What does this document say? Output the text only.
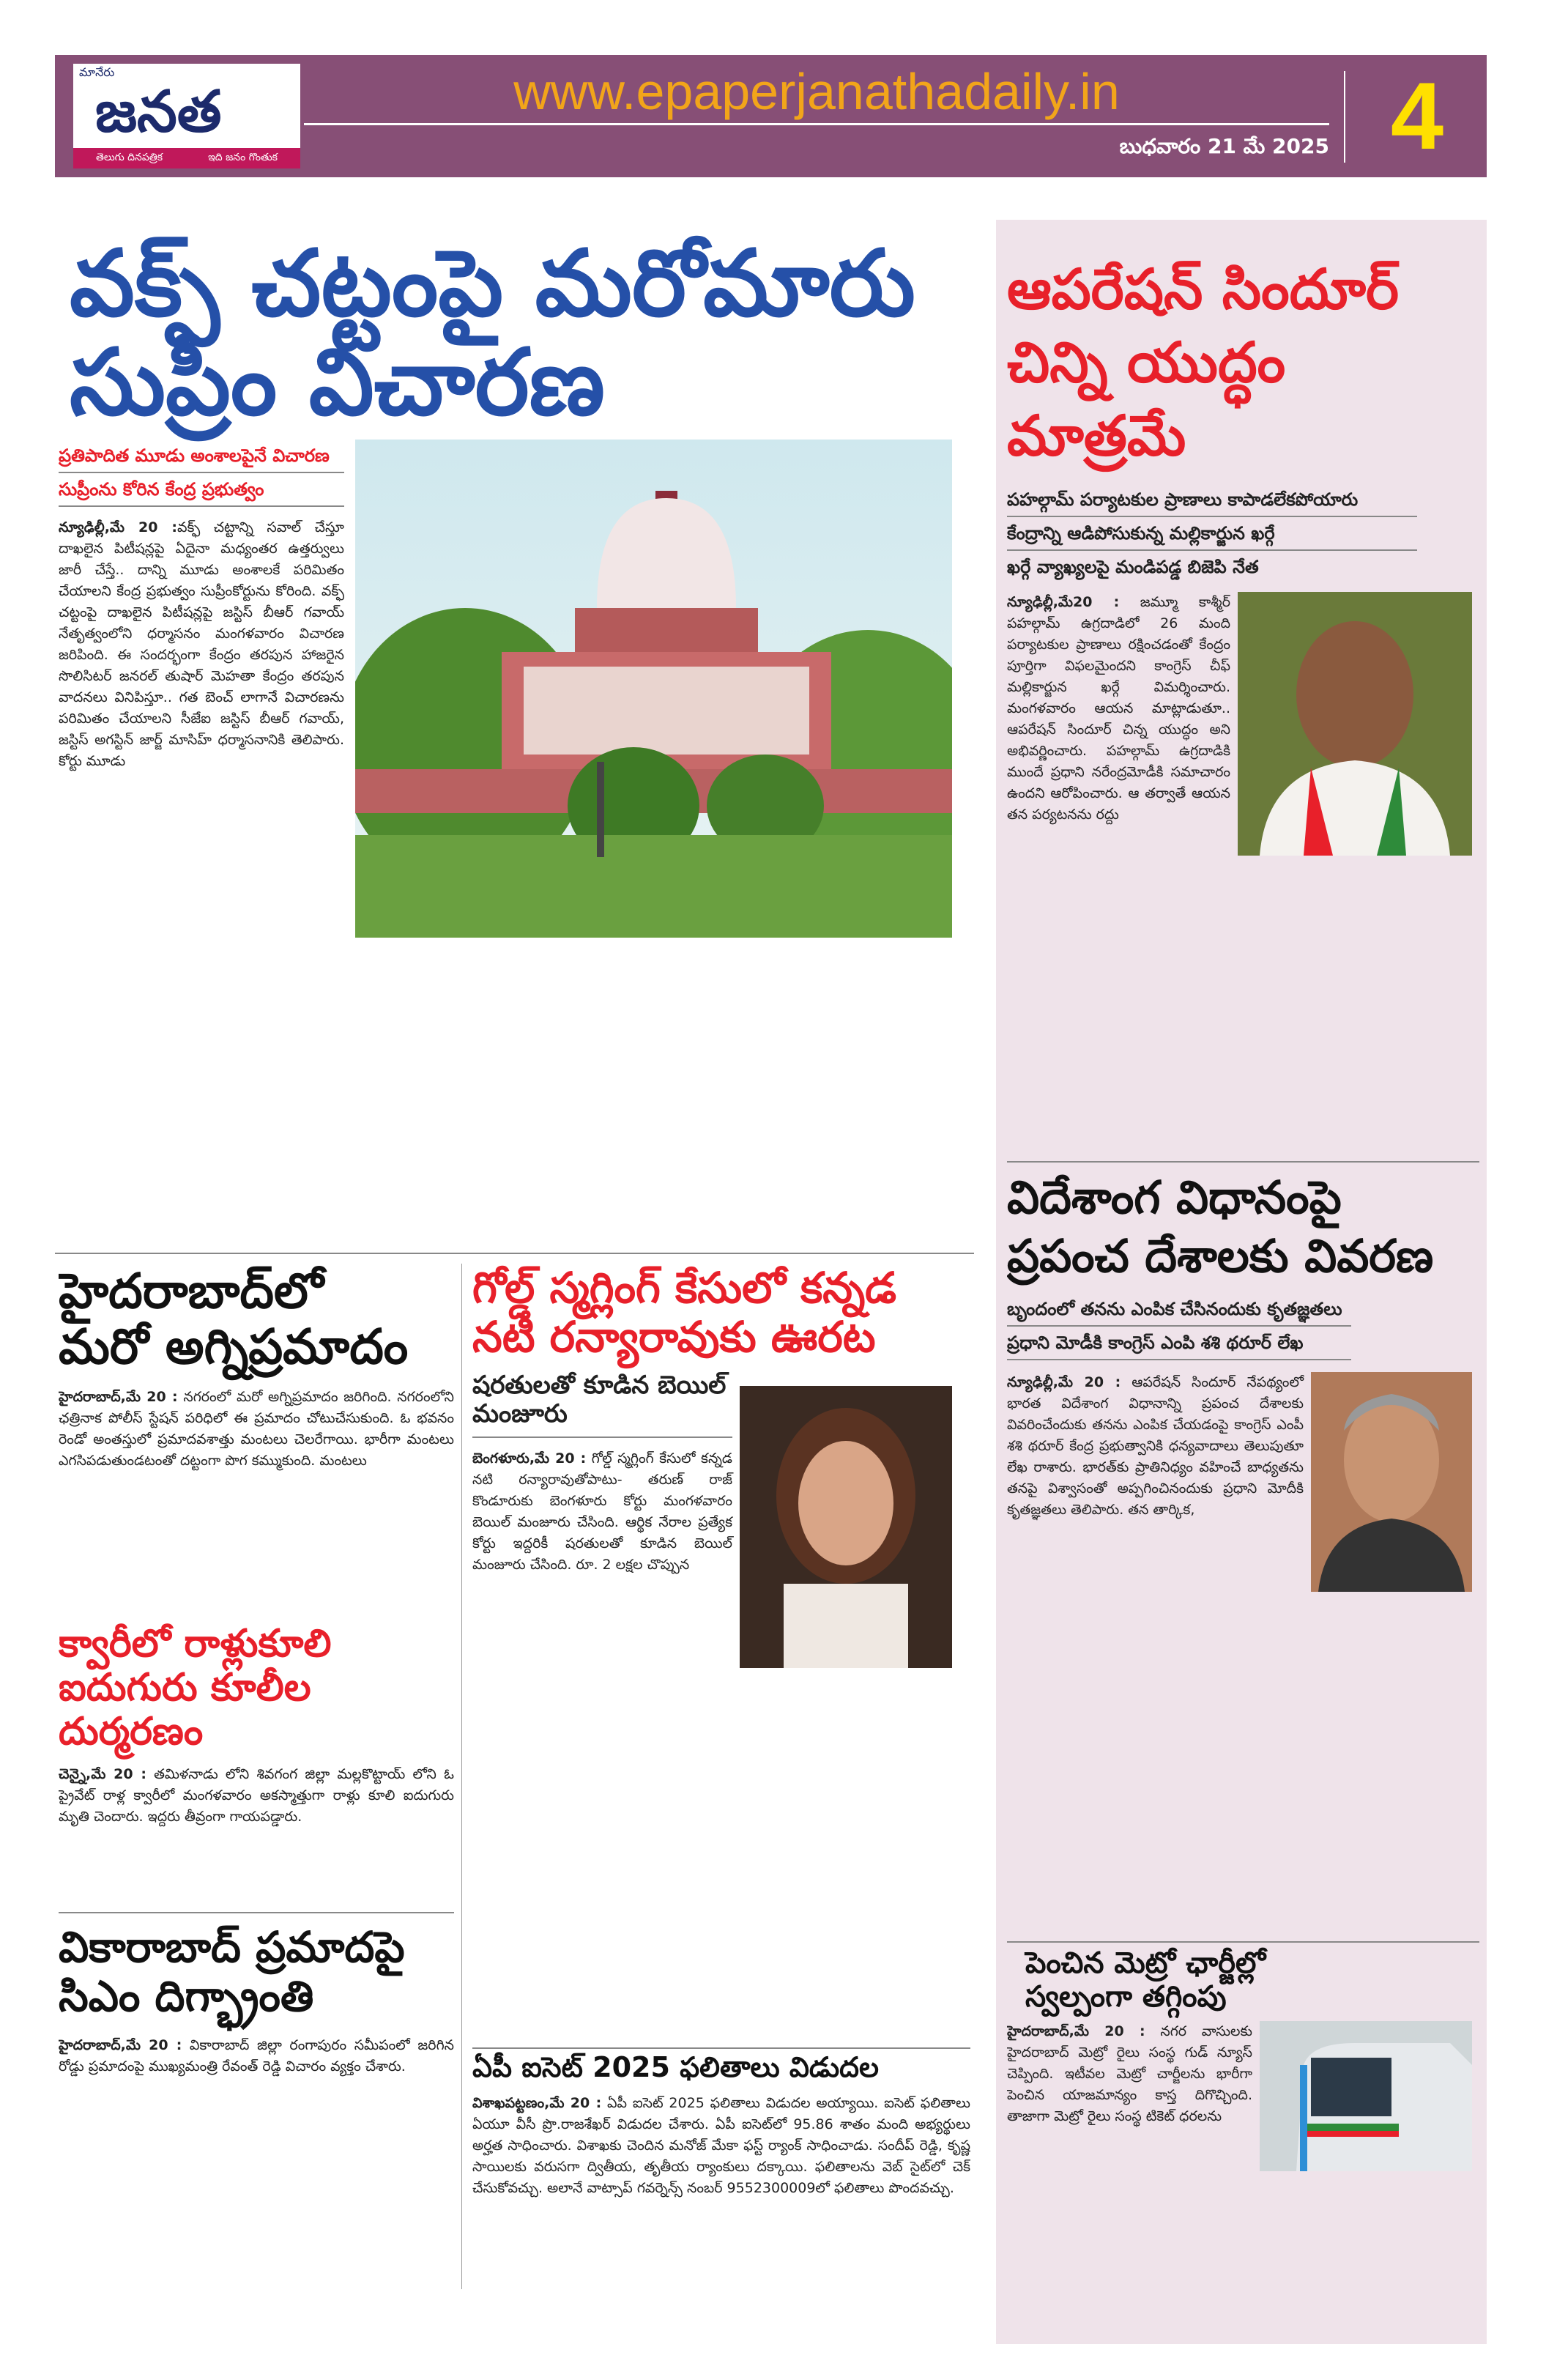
మానేరు
జనత
తెలుగు దినపత్రిక	ఇది జనం గొంతుక
www.epaperjanathadaily.in
బుధవారం 21 మే 2025 4
వక్ఫ్ చట్టంపై మరోమారు
సుప్రీం విచారణ
ప్రతిపాదిత మూడు అంశాలపైనే విచారణ
సుప్రీంను కోరిన కేంద్ర ప్రభుత్వం
న్యూఢిల్లీ,మే 20 :వక్ఫ్ చట్టాన్ని సవాల్ చేస్తూ దాఖలైన పిటీషన్లపై ఏదైనా మధ్యంతర ఉత్తర్వులు జారీ చేస్తే.. దాన్ని మూడు అంశాలకే పరిమితం చేయాలని కేంద్ర ప్రభుత్వం సుప్రీంకోర్టును కోరింది. వక్ఫ్ చట్టంపై దాఖలైన పిటీషన్లపై జస్టిస్ బీఆర్ గవాయ్ నేతృత్వంలోని ధర్మాసనం మంగళవారం విచారణ జరిపింది. ఈ సందర్భంగా కేంద్రం తరపున హాజరైన సొలిసిటర్ జనరల్ తుషార్ మెహతా కేంద్రం తరపున వాదనలు వినిపిస్తూ.. గత బెంచ్ లాగానే విచారణను పరిమితం చేయాలని సీజేఐ జస్టిస్ బీఆర్ గవాయ్, జస్టిస్ అగస్టిన్ జార్జ్ మాసిహ్ ధర్మాసనానికి తెలిపారు. కోర్టు మూడు
హైదరాబాద్‌లో
మరో అగ్నిప్రమాదం
హైదరాబాద్,మే 20 : నగరంలో మరో అగ్నిప్రమాదం జరిగింది. నగరంలోని ఛత్రినాక పోలీస్ స్టేషన్ పరిధిలో ఈ ప్రమాదం చోటుచేసుకుంది. ఓ భవనం రెండో అంతస్తులో ప్రమాదవశాత్తు మంటలు చెలరేగాయి. భారీగా మంటలు ఎగసిపడుతుండటంతో దట్టంగా పొగ కమ్ముకుంది. మంటలు
క్వారీలో రాళ్లుకూలి
ఐదుగురు కూలీల దుర్మరణం
చెన్నై,మే 20 : తమిళనాడు లోని శివగంగ జిల్లా మల్లకొట్టాయ్ లోని ఓ ప్రైవేట్ రాళ్ల క్వారీలో మంగళవారం అకస్మాత్తుగా రాళ్లు కూలి ఐదుగురు మృతి చెందారు. ఇద్దరు తీవ్రంగా గాయపడ్డారు.
వికారాబాద్ ప్రమాదపై
సిఎం దిగ్భ్రాంతి
హైదరాబాద్,మే 20 : వికారాబాద్ జిల్లా రంగాపురం సమీపంలో జరిగిన రోడ్డు ప్రమాదంపై ముఖ్యమంత్రి రేవంత్ రెడ్డి విచారం వ్యక్తం చేశారు.
గోల్డ్ స్మగ్లింగ్ కేసులో కన్నడ
నటి రన్యారావుకు ఊరట
షరతులతో కూడిన బెయిల్ మంజూరు
బెంగళూరు,మే 20 : గోల్డ్ స్మగ్లింగ్ కేసులో కన్నడ నటి రన్యారావుతోపాటు- తరుణ్ రాజ్ కొండూరుకు బెంగళూరు కోర్టు మంగళవారం బెయిల్ మంజూరు చేసింది. ఆర్థిక నేరాల ప్రత్యేక కోర్టు ఇద్దరికీ షరతులతో కూడిన బెయిల్ మంజూరు చేసింది. రూ. 2 లక్షల చొప్పున
ఏపీ ఐసెట్ 2025 ఫలితాలు విడుదల
విశాఖపట్టణం,మే 20 : ఏపీ ఐసెట్ 2025 ఫలితాలు విడుదల అయ్యాయి. ఐసెట్ ఫలితాలు ఏయూ వీసీ ప్రొ.రాజశేఖర్ విడుదల చేశారు. ఏపీ ఐసెట్‌లో 95.86 శాతం మంది అభ్యర్థులు అర్హత సాధించారు. విశాఖకు చెందిన మనోజ్ మేకా ఫస్ట్ ర్యాంక్ సాధించాడు. సందీప్ రెడ్డి, కృష్ణ సాయిలకు వరుసగా ద్వితీయ, తృతీయ ర్యాంకులు దక్కాయి. ఫలితాలను వెబ్ సైట్‌లో చెక్ చేసుకోవచ్చు. అలానే వాట్సాప్ గవర్నెన్స్ నంబర్ 9552300009లో ఫలితాలు పొందవచ్చు.
ఆపరేషన్ సిందూర్
చిన్ని యుద్ధం మాత్రమే
పహల్గామ్ పర్యాటకుల ప్రాణాలు కాపాడలేకపోయారు
కేంద్రాన్ని ఆడిపోసుకున్న మల్లికార్జున ఖర్గే
ఖర్గే వ్యాఖ్యలపై మండిపడ్డ బిజెపి నేత
న్యూఢిల్లీ,మే20 : జమ్మూ కాశ్మీర్ పహల్గామ్ ఉగ్రదాడిలో 26 మంది పర్యాటకుల ప్రాణాలు రక్షించడంతో కేంద్రం పూర్తిగా విఫలమైందని కాంగ్రెస్ చీఫ్ మల్లికార్జున ఖర్గే విమర్శించారు. మంగళవారం ఆయన మాట్లాడుతూ.. ఆపరేషన్ సిందూర్ చిన్న యుద్ధం అని అభివర్ణించారు. పహల్గామ్ ఉగ్రదాడికి ముందే ప్రధాని నరేంద్రమోడీకి సమాచారం ఉందని ఆరోపించారు. ఆ తర్వాతే ఆయన తన పర్యటనను రద్దు
విదేశాంగ విధానంపై
ప్రపంచ దేశాలకు వివరణ
బృందంలో తనను ఎంపిక చేసినందుకు కృతజ్ఞతలు
ప్రధాని మోడీకి కాంగ్రెస్ ఎంపి శశి థరూర్ లేఖ
న్యూఢిల్లీ,మే 20 : ఆపరేషన్ సిందూర్ నేపథ్యంలో భారత విదేశాంగ విధానాన్ని ప్రపంచ దేశాలకు వివరించేందుకు తనను ఎంపిక చేయడంపై కాంగ్రెస్ ఎంపీ శశి థరూర్ కేంద్ర ప్రభుత్వానికి ధన్యవాదాలు తెలుపుతూ లేఖ రాశారు. భారత్‌కు ప్రాతినిధ్యం వహించే బాధ్యతను తనపై విశ్వాసంతో అప్పగించినందుకు ప్రధాని మోదీకి కృతజ్ఞతలు తెలిపారు. తన తార్కిక,
పెంచిన మెట్రో ఛార్జీల్లో
స్వల్పంగా తగ్గింపు
హైదరాబాద్,మే 20 : నగర వాసులకు హైదరాబాద్ మెట్రో రైలు సంస్థ గుడ్ న్యూస్ చెప్పింది. ఇటీవల మెట్రో చార్జీలను భారీగా పెంచిన యాజమాన్యం కాస్త దిగొచ్చింది. తాజాగా మెట్రో రైలు సంస్థ టికెట్ ధరలను
